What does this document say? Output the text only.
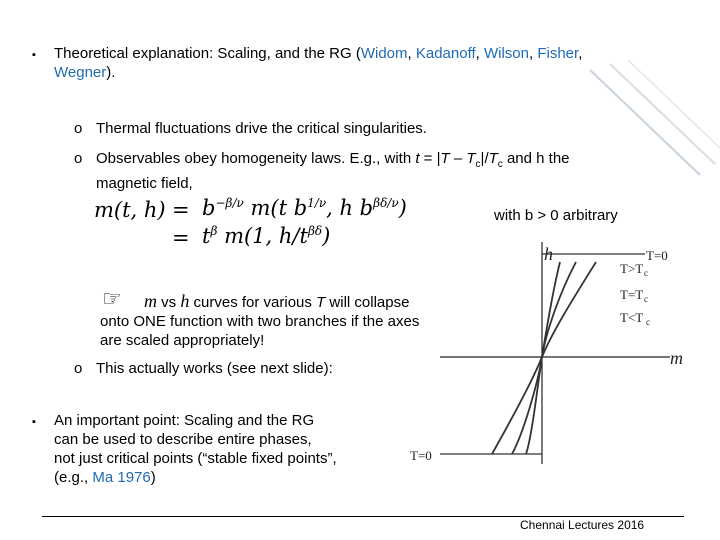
▪ Theoretical explanation: Scaling, and the RG (Widom, Kadanoff, Wilson, Fisher,
Wegner).
o Thermal fluctuations drive the critical singularities.
o Observables obey homogeneity laws. E.g., with $t = |T - T_c|/T_c$ and h the
magnetic field,
m(t, $h) = b^{-\beta/\nu}$ m(t $b^{1/\nu}$, h $b^{\beta\delta/\nu}$)
= $t^\beta$ m(1, $h/t^{\beta\delta}$)
with b > 0 arbitrary
☞	m vs h curves for various T will collapse
onto ONE function with two branches if the axes
are scaled appropriately!
o This actually works (see next slide):
▪ An important point: Scaling and the RG
can be used to describe entire phases,
not just critical points (“stable fixed points”,
(e.g., Ma 1976)
h
m
T=0
T>T c
T=T c
T<T c
T=0
Chennai Lectures 2016
